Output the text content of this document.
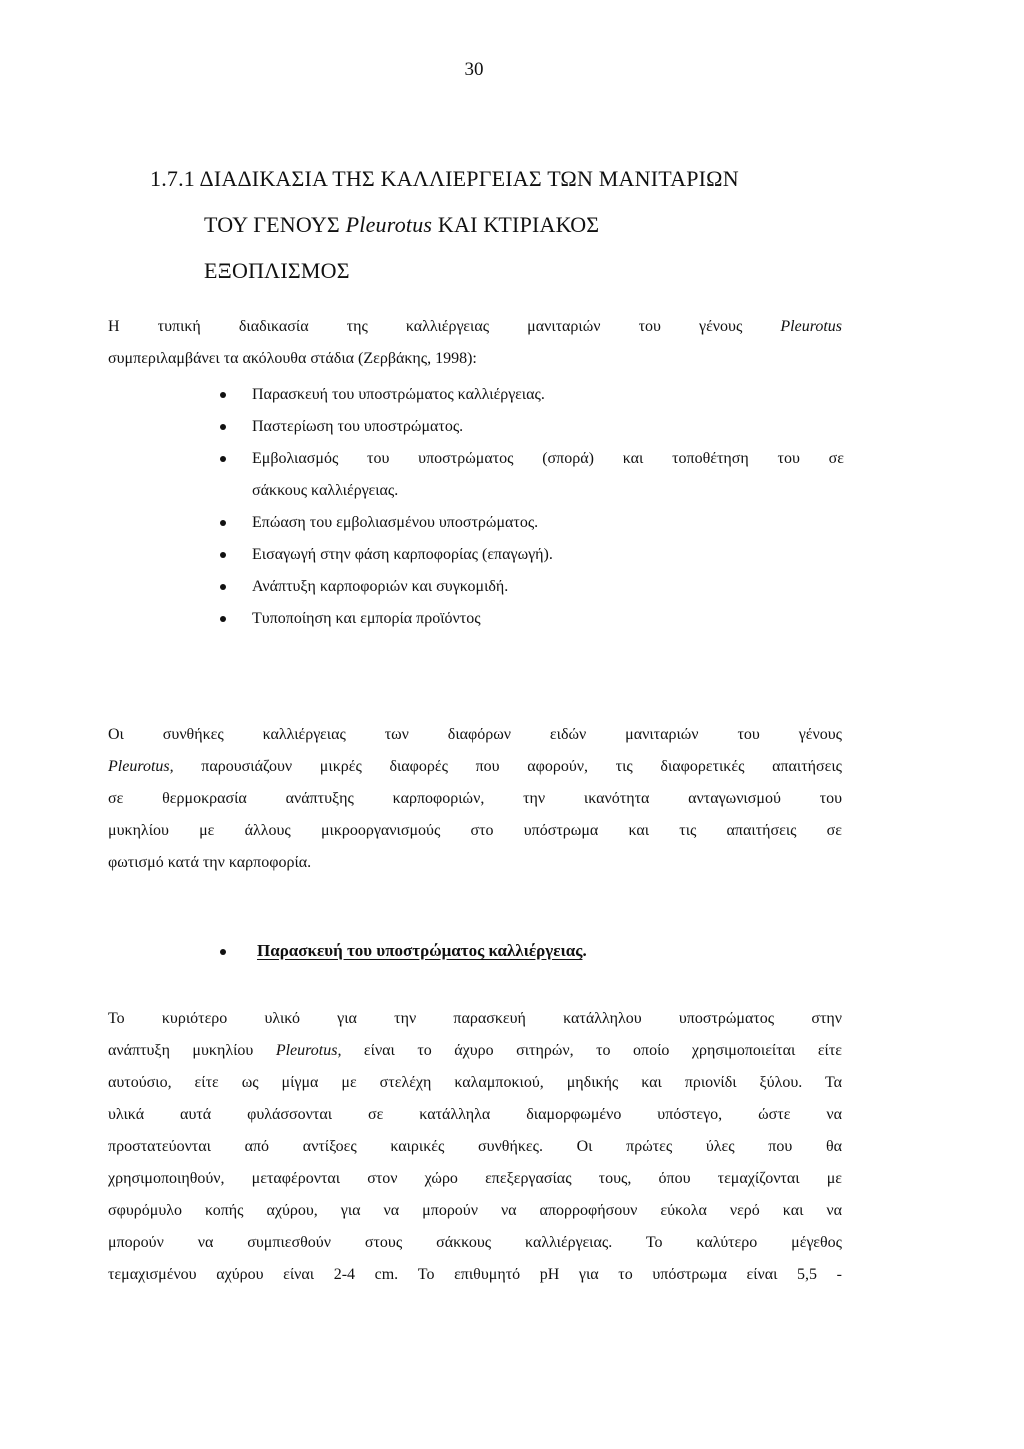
30
1.7.1 ΔΙΑΔΙΚΑΣΙΑ ΤΗΣ ΚΑΛΛΙΕΡΓΕΙΑΣ ΤΩΝ ΜΑΝΙΤΑΡΙΩΝ
ΤΟΥ ΓΕΝΟΥΣ Pleurotus ΚΑΙ ΚΤΙΡΙΑΚΟΣ
ΕΞΟΠΛΙΣΜΟΣ

Η τυπική διαδικασία της καλλιέργειας μανιταριών του γένους Pleurotus
συμπεριλαμβάνει τα ακόλουθα στάδια (Ζερβάκης, 1998):

Παρασκευή του υποστρώματος καλλιέργειας.
Παστερίωση του υποστρώματος.
Εμβολιασμός του υποστρώματος (σπορά) και τοποθέτηση του σε
σάκκους καλλιέργειας.
Επώαση του εμβολιασμένου υποστρώματος.
Εισαγωγή στην φάση καρποφορίας (επαγωγή).
Ανάπτυξη καρποφοριών και συγκομιδή.
Τυποποίηση και εμπορία προϊόντος

Οι συνθήκες καλλιέργειας των διαφόρων ειδών μανιταριών του γένους
Pleurotus, παρουσιάζουν μικρές διαφορές που αφορούν, τις διαφορετικές απαιτήσεις
σε θερμοκρασία ανάπτυξης καρποφοριών, την ικανότητα ανταγωνισμού του
μυκηλίου με άλλους μικροοργανισμούς στο υπόστρωμα και τις απαιτήσεις σε
φωτισμό κατά την καρποφορία.

Παρασκευή του υποστρώματος καλλιέργειας.

Το κυριότερο υλικό για την παρασκευή κατάλληλου υποστρώματος στην
ανάπτυξη μυκηλίου Pleurotus, είναι το άχυρο σιτηρών, το οποίο χρησιμοποιείται είτε
αυτούσιο, είτε ως μίγμα με στελέχη καλαμποκιού, μηδικής και πριονίδι ξύλου. Τα
υλικά αυτά φυλάσσονται σε κατάλληλα διαμορφωμένο υπόστεγο, ώστε να
προστατεύονται από αντίξοες καιρικές συνθήκες. Οι πρώτες ύλες που θα
χρησιμοποιηθούν, μεταφέρονται στον χώρο επεξεργασίας τους, όπου τεμαχίζονται με
σφυρόμυλο κοπής αχύρου, για να μπορούν να απορροφήσουν εύκολα νερό και να
μπορούν να συμπιεσθούν στους σάκκους καλλιέργειας. Το καλύτερο μέγεθος
τεμαχισμένου αχύρου είναι 2-4 cm. Το επιθυμητό pH για το υπόστρωμα είναι 5,5 -
